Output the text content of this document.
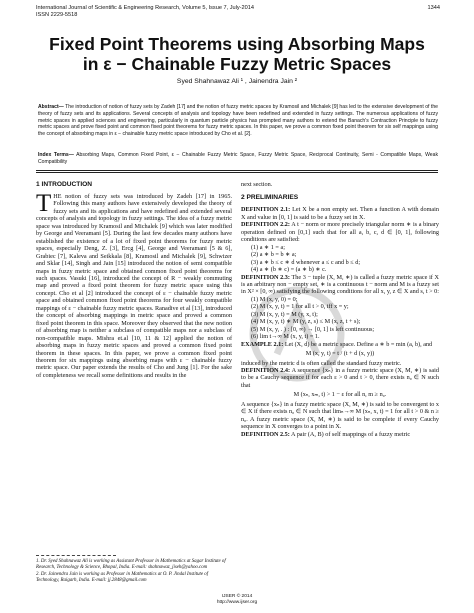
International Journal of Scientific & Engineering Research, Volume 5, Issue 7, July-2014
ISSN 2229-5518
1344
Fixed Point Theorems using Absorbing Maps
in ε − Chainable Fuzzy Metric Spaces
Syed Shahnawaz Ali ¹ , Jainendra Jain ²
Abstract— The introduction of notion of fuzzy sets by Zadeh [17] and the notion of fuzzy metric spaces by Kramosil and Michalek [9] has led to the extensive development of the theory of fuzzy sets and its applications. Several concepts of analysis and topology have been redefined and extended in fuzzy settings. The numerous applications of fuzzy metric spaces in applied sciences and engineering, particularly in quantum particle physics has prompted many authors to extend the Banach's Contraction Principle to fuzzy metric spaces and prove fixed point and common fixed point theorems for fuzzy metric spaces. In this paper, we prove a common fixed point theorem for six self mappings using the concept of absorbing maps in ε − chainable fuzzy metric space introduced by Cho et al. [2].
Index Terms— Absorbing Maps, Common Fixed Point, ε − Chainable Fuzzy Metric Space, Fuzzy Metric Space, Reciprocal Continuity, Semi - Compatible Maps, Weak Compatibility
1 INTRODUCTION

THE notion of fuzzy sets was introduced by Zadeh [17] in 1965. Following this many authors have extensively developed the theory of fuzzy sets and its applications and have redefined and extended several concepts of analysis and topology in fuzzy settings. The idea of a fuzzy metric space was introduced by Kramosil and Michalek [9] which was later modified by George and Veeramani [5]. During the last few decades many authors have established the existence of a lot of fixed point theorems for fuzzy metric spaces, especially Deng, Z. [3], Ercg [4], George and Veeramani [5 & 6], Grabiec [7], Kaleva and Seikkala [8], Kramosil and Michalek [9], Schwizer and Sklar [14], Singh and Jain [15] introduced the notion of semi compatible maps in fuzzy metric space and obtained common fixed point theorems for such spaces. Vasuki [16], introduced the concept of R − weakly commuting map and proved a fixed point theorem for fuzzy metric space using this concept. Cho et al [2] introduced the concept of ε − chainable fuzzy metric space and obtained common fixed point theorems for four weakly compatible mappings of ε − chainable fuzzy metric spaces. Ranadive et al [13], introduced the concept of absorbing mappings in metric space and proved a common fixed point theorem in this space. Moreover they observed that the new notion of absorbing map is neither a subclass of compatible maps nor a subclass of non-compatible maps. Mishra et.al [10, 11 & 12] applied the notion of absorbing maps in fuzzy metric spaces and proved a common fixed point theorem in these spaces. In this paper, we prove a common fixed point theorem for six mappings using absorbing maps with ε − chainable fuzzy metric space. Our paper extends the results of Cho and Jung [1]. For the sake of completeness we recall some definitions and results in the

1. Dr. Syed Shahnawaz Ali is working as Assistant Professor in Mathematics at Sagar Institute of Research, Technology & Science, Bhopal, India. E-mail: shahnawaz_jiseh@yahoo.com

2. Dr. Jainendra Jain is working as Professor in Mathematics at O. P. Jindal Institute of Technology, Raigarh, India. E-mail: jj.2848@gmail.com

next section.

2 PRELIMINARIES

DEFINITION 2.1: Let X be a non empty set. Then a function A with domain X and value in [0, 1] is said to be a fuzzy set in X.

DEFINITION 2.2: A t − norm or more precisely triangular norm ∗ is a binary operation defined on [0,1] such that for all a, b, c, d ∈ [0, 1], following conditions are satisfied:

(1) a ∗ 1 = a;

(2) a ∗ b = b ∗ a;

(3) a ∗ b ≤ c ∗ d whenever a ≤ c and b ≤ d;

(4) a ∗ (b ∗ c) = (a ∗ b) ∗ c.

DEFINITION 2.3: The 3 − tuple (X, M, ∗) is called a fuzzy metric space if X is an arbitrary non − empty set, ∗ is a continuous t − norm and M is a fuzzy set in X² × [0, ∞) satisfying the following conditions for all x, y, z ∈ X and s, t > 0:

(1) M (x, y, 0) = 0;

(2) M (x, y, t) = 1 for all t > 0, iff x = y;

(3) M (x, y, t) = M (y, x, t);

(4) M (x, y, t) ∗ M (y, z, s) ≤ M (x, z, t + s);

(5) M (x, y, . ) : [0, ∞) → [0, 1] is left continuous;

(6) lim t→∞ M (x, y, t) = 1.

EXAMPLE 2.1: Let (X, d) be a metric space. Define a ∗ b = min (a, b), and

M (x, y, t) = t / (t + d (x, y))

induced by the metric d is often called the standard fuzzy metric.

DEFINITION 2.4: A sequence {xₙ} in a fuzzy metric space (X, M, ∗) is said to be a Cauchy sequence if for each ε > 0 and t > 0, there exists n₀ ∈ N such that

M (xₙ, xₘ, t) > 1 − ε for all n, m ≥ n₀.

A sequence {xₙ} in a fuzzy metric space (X, M, ∗) is said to be convergent to x ∈ X if there exists n₀ ∈ N such that limₙ→∞ M (xₙ, x, t) = 1 for all t > 0 & n ≥ n₀. A fuzzy metric space (X, M, ∗) is said to be complete if every Cauchy sequence in X converges to a point in X.

DEFINITION 2.5: A pair (A, B) of self mappings of a fuzzy metric

IJSER © 2014
http://www.ijser.org
